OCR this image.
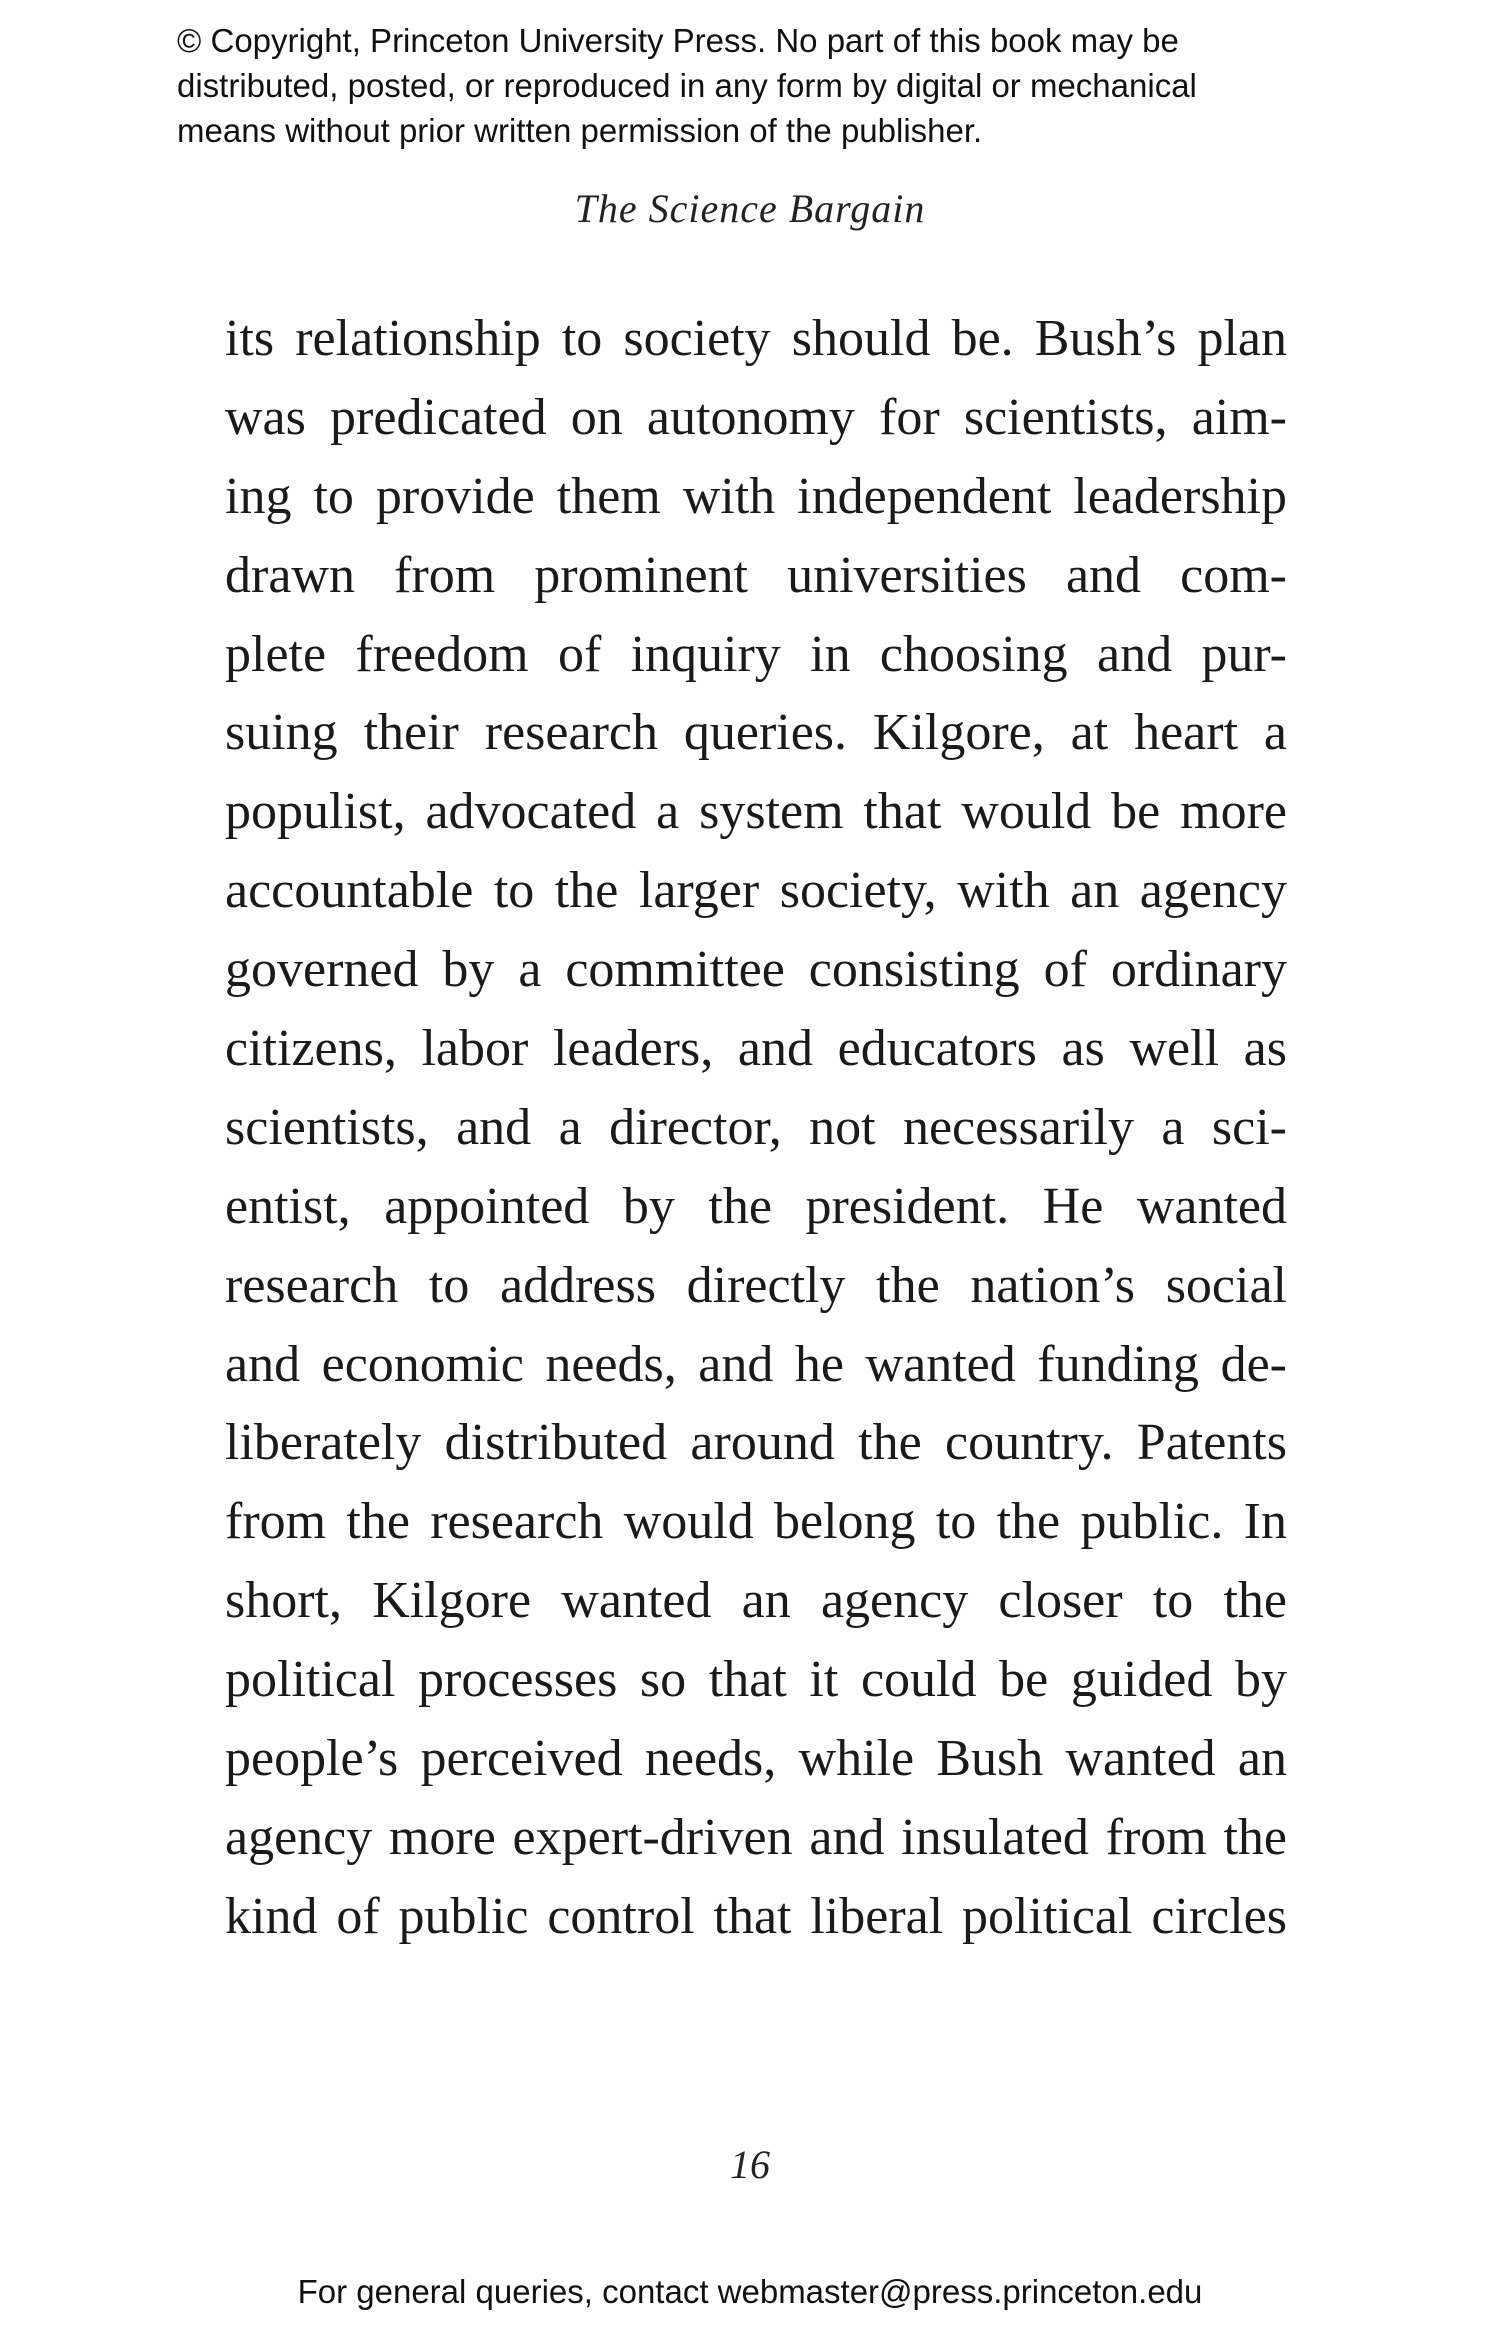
© Copyright, Princeton University Press. No part of this book may be
distributed, posted, or reproduced in any form by digital or mechanical
means without prior written permission of the publisher.
The Science Bargain
its relationship to society should be. Bush’s plan
was predicated on autonomy for scientists, aim-
ing to provide them with independent leadership
drawn from prominent universities and com-
plete freedom of inquiry in choosing and pur-
suing their research queries. Kilgore, at heart a
populist, advocated a system that would be more
accountable to the larger society, with an agency
governed by a committee consisting of ordinary
citizens, labor leaders, and educators as well as
scientists, and a director, not necessarily a sci-
entist, appointed by the president. He wanted
research to address directly the nation’s social
and economic needs, and he wanted funding de-
liberately distributed around the country. Patents
from the research would belong to the public. In
short, Kilgore wanted an agency closer to the
political processes so that it could be guided by
people’s perceived needs, while Bush wanted an
agency more expert-driven and insulated from the
kind of public control that liberal political circles
16
For general queries, contact webmaster@press.princeton.edu
